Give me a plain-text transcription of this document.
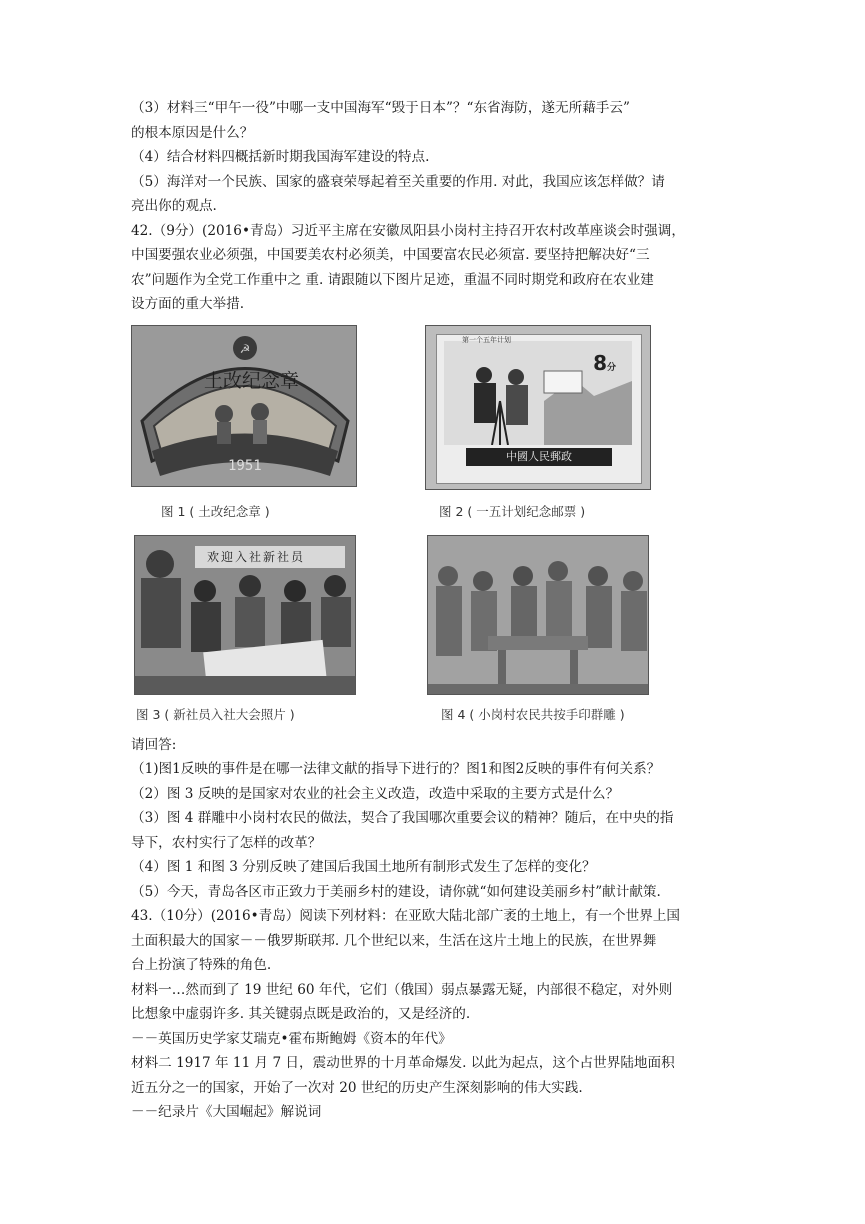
（3）材料三“甲午一役”中哪一支中国海军“毁于日本”？“东省海防，遂无所藉手云”

的根本原因是什么？

（4）结合材料四概括新时期我国海军建设的特点.

（5）海洋对一个民族、国家的盛衰荣辱起着至关重要的作用. 对此，我国应该怎样做？请

亮出你的观点.

42.（9分）(2016•青岛）习近平主席在安徽凤阳县小岗村主持召开农村改革座谈会时强调，

中国要强农业必须强，中国要美农村必须美，中国要富农民必须富. 要坚持把解决好“三

农”问题作为全党工作重中之 重. 请跟随以下图片足迹，重温不同时期党和政府在农业建

设方面的重大举措.

☭
土改纪念章
1951
图 1 ( 土改纪念章 )
8分
第一个五年计划
中國人民郵政
图 2 ( 一五计划纪念邮票 )
欢迎入社新社员
图 3 ( 新社员入社大会照片 )	图 4 ( 小岗村农民共按手印群雕 )

请回答:

（1)图1反映的事件是在哪一法律文献的指导下进行的？图1和图2反映的事件有何关系？

（2）图 3 反映的是国家对农业的社会主义改造，改造中采取的主要方式是什么？

（3）图 4 群雕中小岗村农民的做法，契合了我国哪次重要会议的精神？随后，在中央的指

导下，农村实行了怎样的改革？

（4）图 1 和图 3 分别反映了建国后我国土地所有制形式发生了怎样的变化？

（5）今天，青岛各区市正致力于美丽乡村的建设，请你就“如何建设美丽乡村”献计献策.

43.（10分）(2016•青岛）阅读下列材料：在亚欧大陆北部广袤的土地上，有一个世界上国

土面积最大的国家－－俄罗斯联邦. 几个世纪以来，生活在这片土地上的民族，在世界舞

台上扮演了特殊的角色.

材料一…然而到了 19 世纪 60 年代，它们（俄国）弱点暴露无疑，内部很不稳定，对外则

比想象中虚弱许多. 其关键弱点既是政治的，又是经济的.

－－英国历史学家艾瑞克•霍布斯鲍姆《资本的年代》

材料二 1917 年 11 月 7 日，震动世界的十月革命爆发. 以此为起点，这个占世界陆地面积

近五分之一的国家，开始了一次对 20 世纪的历史产生深刻影响的伟大实践.

－－纪录片《大国崛起》解说词
